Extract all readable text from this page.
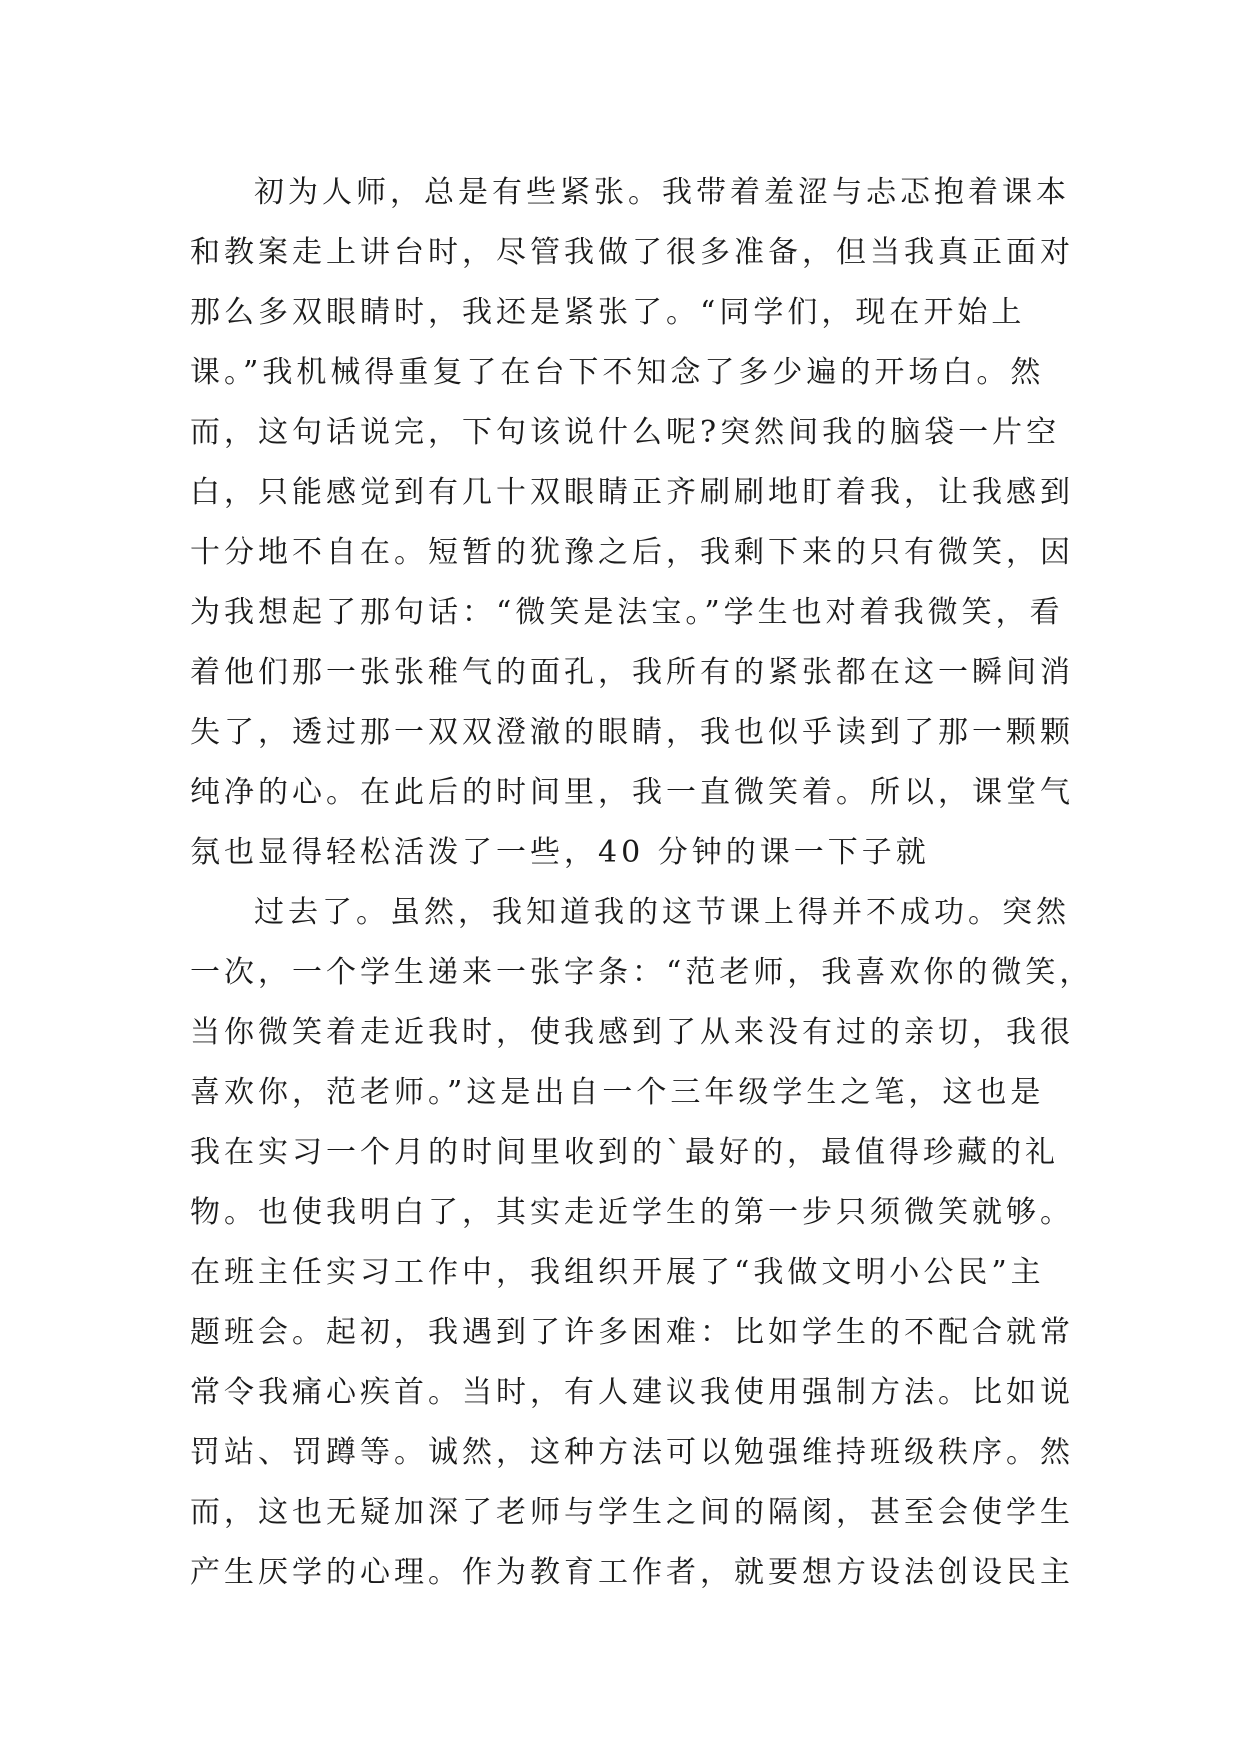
初为人师，总是有些紧张。我带着羞涩与忐忑抱着课本
和教案走上讲台时，尽管我做了很多准备，但当我真正面对
那么多双眼睛时，我还是紧张了。“同学们，现在开始上
课。”我机械得重复了在台下不知念了多少遍的开场白。然
而，这句话说完，下句该说什么呢?突然间我的脑袋一片空
白，只能感觉到有几十双眼睛正齐刷刷地盯着我，让我感到
十分地不自在。短暂的犹豫之后，我剩下来的只有微笑，因
为我想起了那句话：“微笑是法宝。”学生也对着我微笑，看
着他们那一张张稚气的面孔，我所有的紧张都在这一瞬间消
失了，透过那一双双澄澈的眼睛，我也似乎读到了那一颗颗
纯净的心。在此后的时间里，我一直微笑着。所以，课堂气
氛也显得轻松活泼了一些，40 分钟的课一下子就
过去了。虽然，我知道我的这节课上得并不成功。突然
一次，一个学生递来一张字条：“范老师，我喜欢你的微笑，
当你微笑着走近我时，使我感到了从来没有过的亲切，我很
喜欢你，范老师。”这是出自一个三年级学生之笔，这也是
我在实习一个月的时间里收到的`最好的，最值得珍藏的礼
物。也使我明白了，其实走近学生的第一步只须微笑就够。
在班主任实习工作中，我组织开展了“我做文明小公民”主
题班会。起初，我遇到了许多困难：比如学生的不配合就常
常令我痛心疾首。当时，有人建议我使用强制方法。比如说
罚站、罚蹲等。诚然，这种方法可以勉强维持班级秩序。然
而，这也无疑加深了老师与学生之间的隔阂，甚至会使学生
产生厌学的心理。作为教育工作者，就要想方设法创设民主
